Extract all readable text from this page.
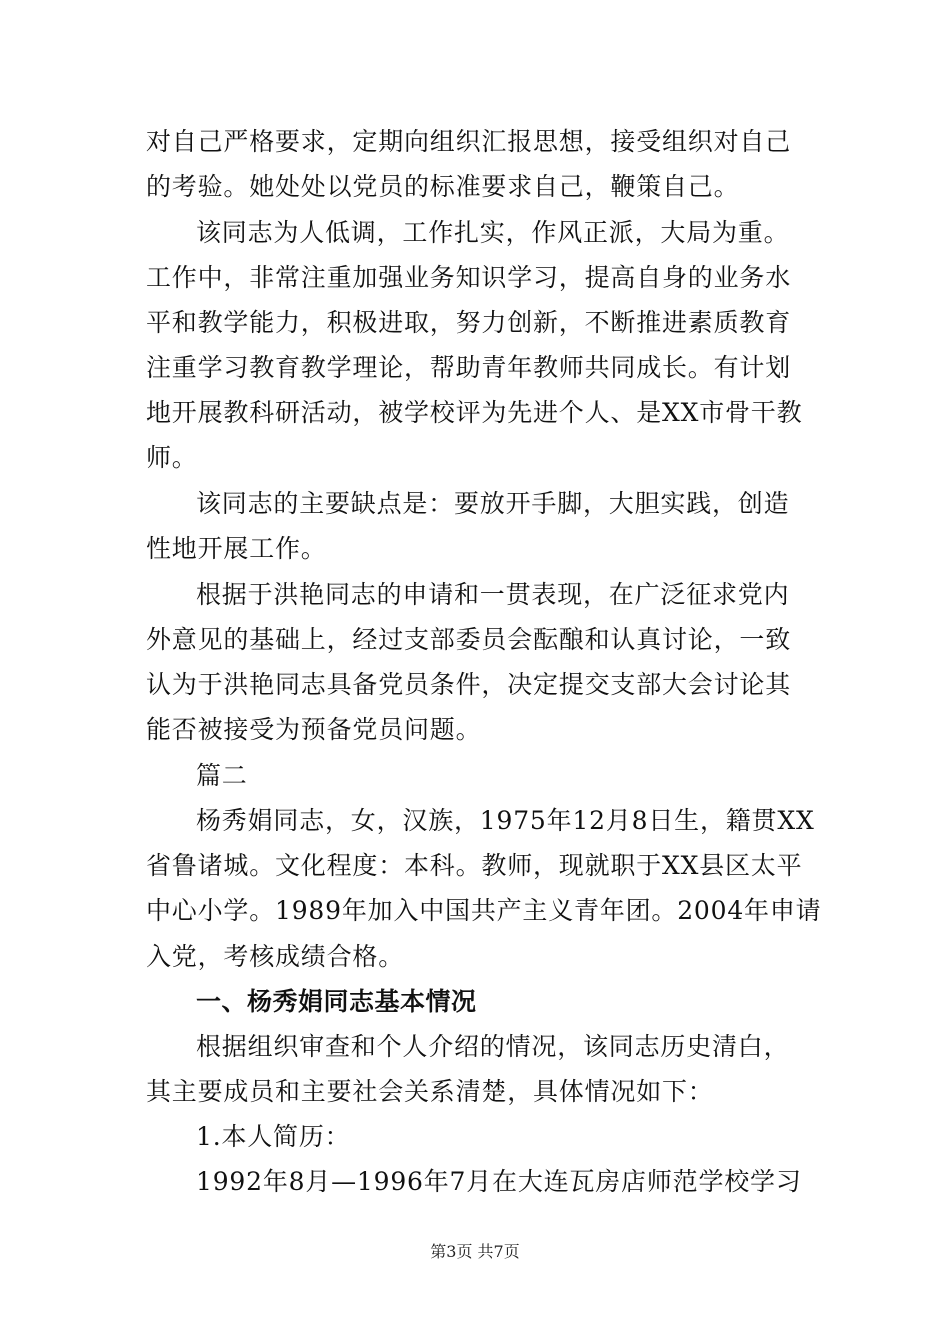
对自己严格要求，定期向组织汇报思想，接受组织对自己
的考验。她处处以党员的标准要求自己，鞭策自己。
该同志为人低调，工作扎实，作风正派，大局为重。
工作中，非常注重加强业务知识学习，提高自身的业务水
平和教学能力，积极进取，努力创新，不断推进素质教育
注重学习教育教学理论，帮助青年教师共同成长。有计划
地开展教科研活动，被学校评为先进个人、是XX市骨干教
师。
该同志的主要缺点是：要放开手脚，大胆实践，创造
性地开展工作。
根据于洪艳同志的申请和一贯表现，在广泛征求党内
外意见的基础上，经过支部委员会酝酿和认真讨论，一致
认为于洪艳同志具备党员条件，决定提交支部大会讨论其
能否被接受为预备党员问题。
篇二
杨秀娟同志，女，汉族，1975年12月8日生，籍贯XX
省鲁诸城。文化程度：本科。教师，现就职于XX县区太平
中心小学。1989年加入中国共产主义青年团。2004年申请
入党，考核成绩合格。
一、杨秀娟同志基本情况
根据组织审查和个人介绍的情况，该同志历史清白，
其主要成员和主要社会关系清楚，具体情况如下：
1.本人简历：
1992年8月—1996年7月在大连瓦房店师范学校学习
第3页 共7页
